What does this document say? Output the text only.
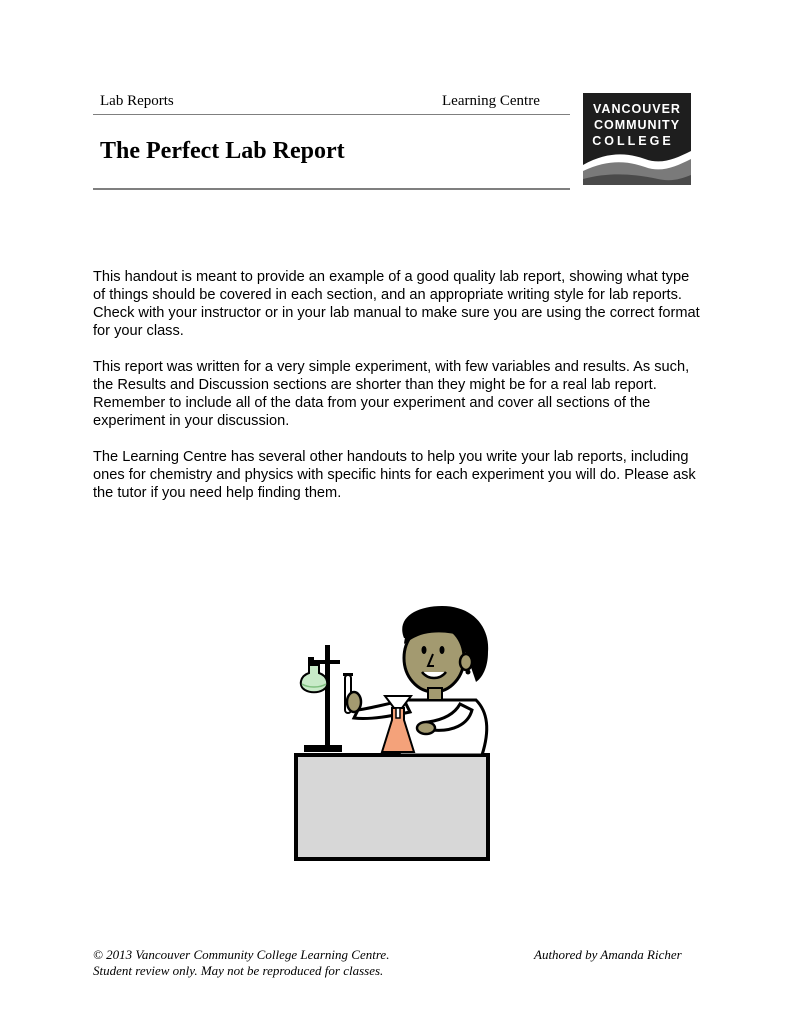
Lab Reports	Learning Centre	VANCOUVER
COMMUNITY
COLLEGE
The Perfect Lab Report

This handout is meant to provide an example of a good quality lab report, showing what type of things should be covered in each section, and an appropriate writing style for lab reports. Check with your instructor or in your lab manual to make sure you are using the correct format for your class.

This report was written for a very simple experiment, with few variables and results. As such, the Results and Discussion sections are shorter than they might be for a real lab report. Remember to include all of the data from your experiment and cover all sections of the experiment in your discussion.

The Learning Centre has several other handouts to help you write your lab reports, including ones for chemistry and physics with specific hints for each experiment you will do. Please ask the tutor if you need help finding them.

© 2013 Vancouver Community College Learning Centre.
Student review only. May not be reproduced for classes.
Authored by Amanda Richer
